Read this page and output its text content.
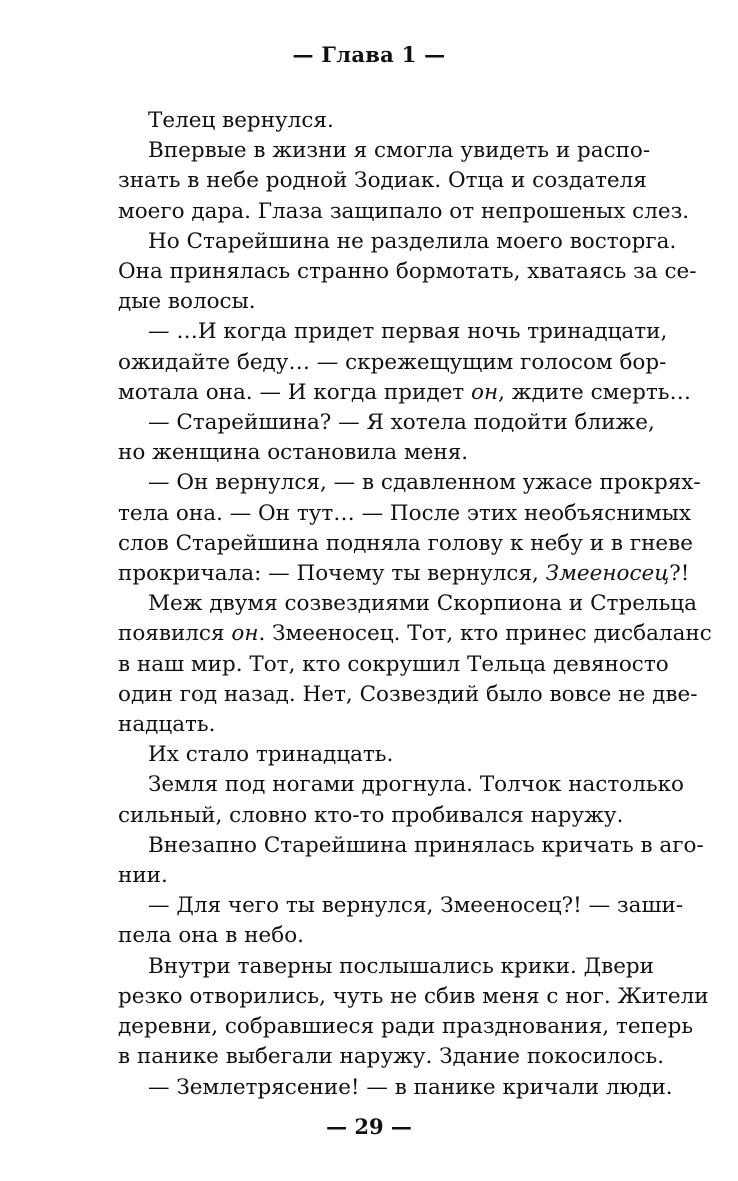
— Глава 1 —
Телец вернулся.
Впервые в жизни я смогла увидеть и распо-
знать в небе родной Зодиак. Отца и создателя
моего дара. Глаза защипало от непрошеных слез.
Но Старейшина не разделила моего восторга.
Она принялась странно бормотать, хватаясь за се-
дые волосы.
— …И когда придет первая ночь тринадцати,
ожидайте беду… — скрежещущим голосом бор-
мотала она. — И когда придет он, ждите смерть…
— Старейшина? — Я хотела подойти ближе,
но женщина остановила меня.
— Он вернулся, — в сдавленном ужасе прокрях-
тела она. — Он тут… — После этих необъяснимых
слов Старейшина подняла голову к небу и в гневе
прокричала: — Почему ты вернулся, Змееносец?!
Меж двумя созвездиями Скорпиона и Стрельца
появился он. Змееносец. Тот, кто принес дисбаланс
в наш мир. Тот, кто сокрушил Тельца девяносто
один год назад. Нет, Созвездий было вовсе не две-
надцать.
Их стало тринадцать.
Земля под ногами дрогнула. Толчок настолько
сильный, словно кто-то пробивался наружу.
Внезапно Старейшина принялась кричать в аго-
нии.
— Для чего ты вернулся, Змееносец?! — заши-
пела она в небо.
Внутри таверны послышались крики. Двери
резко отворились, чуть не сбив меня с ног. Жители
деревни, собравшиеся ради празднования, теперь
в панике выбегали наружу. Здание покосилось.
— Землетрясение! — в панике кричали люди.
— 29 —
